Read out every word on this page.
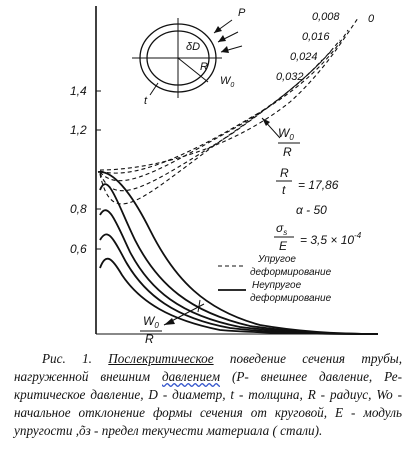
1,4
1,2
0,8
0,6
0
0,008
0,016
0,024
0,032
P
δD
R
t
$W_0$
$W_0$
R
R
t = 17,86
α - 50
$\sigma_s$
$E = 3,5 \times 10^{-4}$
Упругое
деформирование
Неупругое
деформирование
$W_0$
R
Рис. 1. Послекритическое поведение сечения трубы, нагруженной внешним давлением (Р- внешнее давление, Ре- критическое давление, D - диаметр, t - толщина, R - радиус, Wo - начальное отклонение формы сечения от круговой, E - модуль упругости ,õз - предел текучести материала ( стали).
